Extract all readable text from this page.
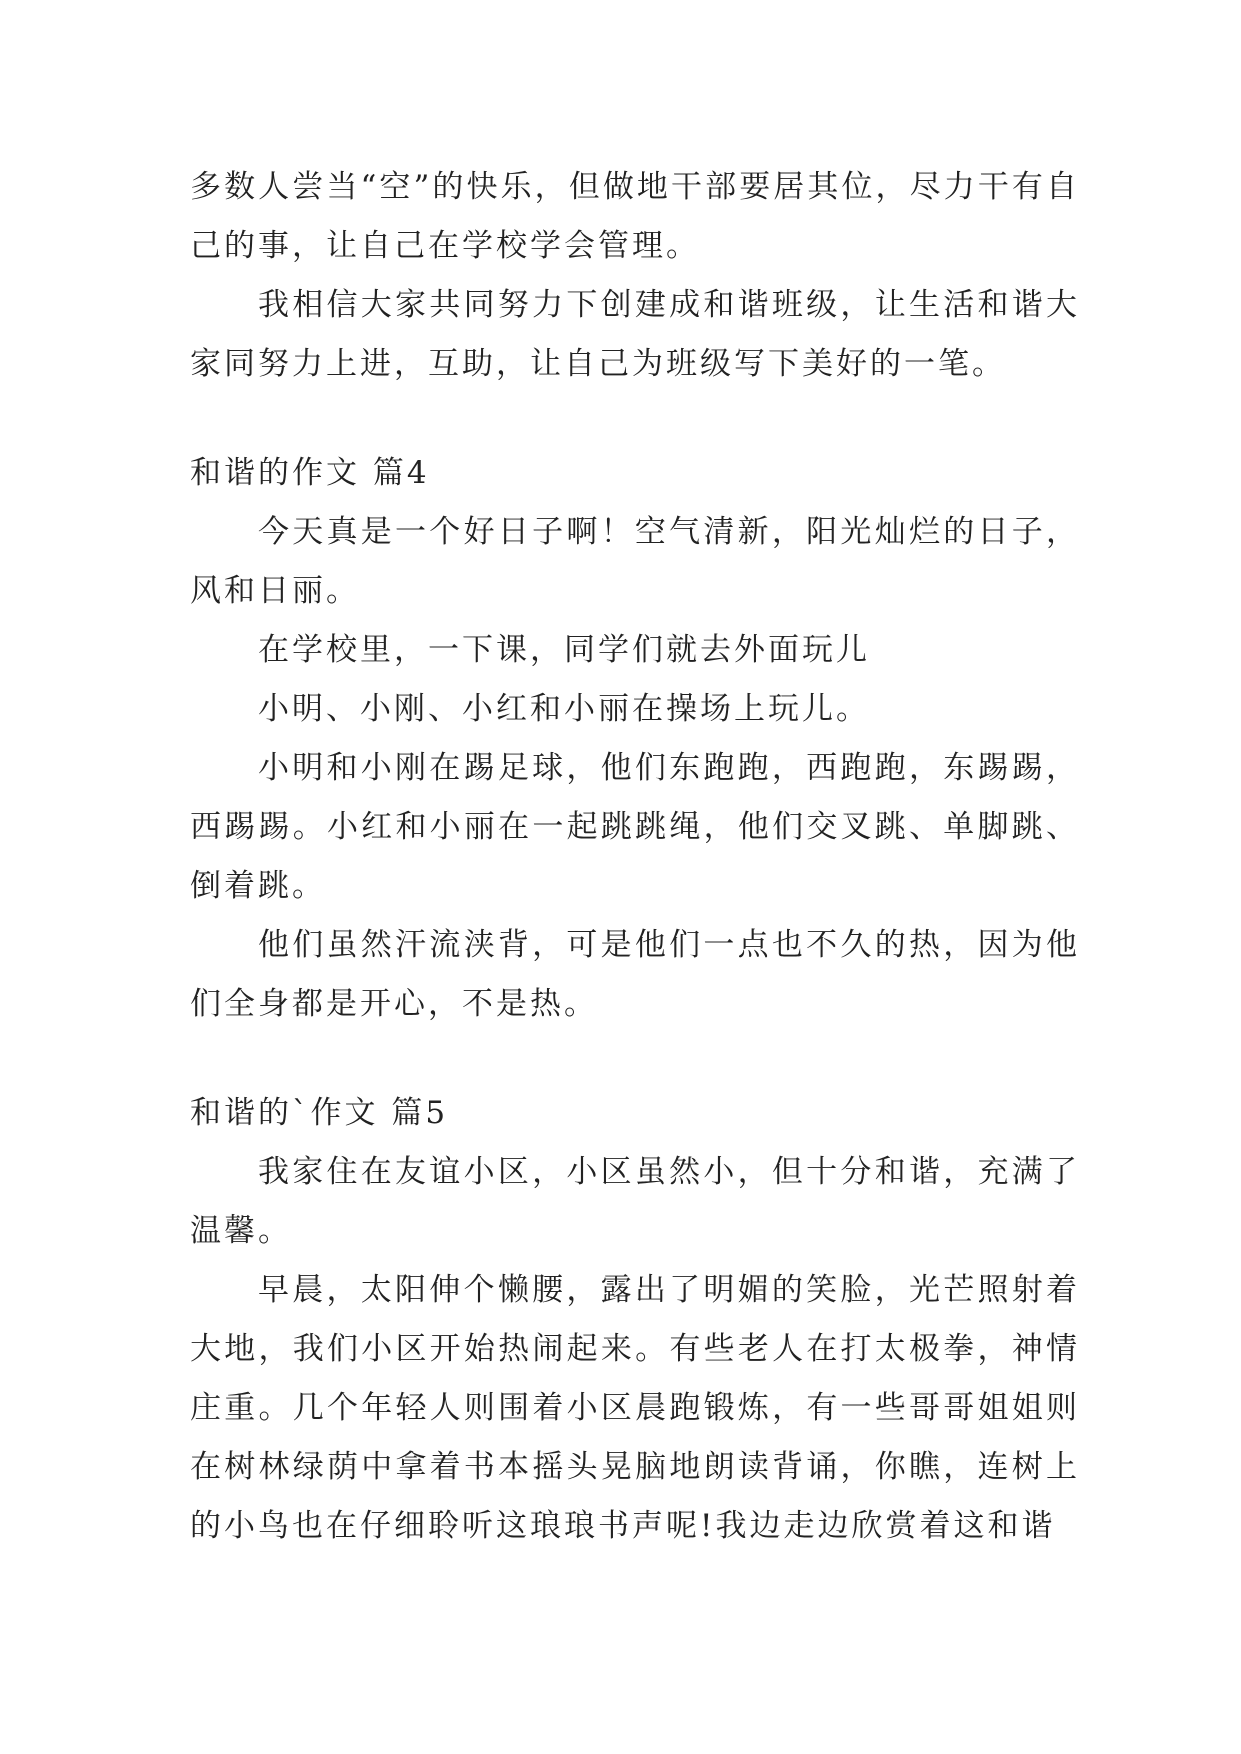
多数人尝当“空”的快乐，但做地干部要居其位，尽力干有自己的事，让自己在学校学会管理。

我相信大家共同努力下创建成和谐班级，让生活和谐大家同努力上进，互助，让自己为班级写下美好的一笔。

和谐的作文 篇4

今天真是一个好日子啊！空气清新，阳光灿烂的日子，风和日丽。

在学校里，一下课，同学们就去外面玩儿

小明、小刚、小红和小丽在操场上玩儿。

小明和小刚在踢足球，他们东跑跑，西跑跑，东踢踢，西踢踢。小红和小丽在一起跳跳绳，他们交叉跳、单脚跳、倒着跳。

他们虽然汗流浃背，可是他们一点也不久的热，因为他们全身都是开心，不是热。

和谐的`作文 篇5

我家住在友谊小区，小区虽然小，但十分和谐，充满了温馨。

早晨，太阳伸个懒腰，露出了明媚的笑脸，光芒照射着大地，我们小区开始热闹起来。有些老人在打太极拳，神情庄重。几个年轻人则围着小区晨跑锻炼，有一些哥哥姐姐则在树林绿荫中拿着书本摇头晃脑地朗读背诵，你瞧，连树上的小鸟也在仔细聆听这琅琅书声呢!我边走边欣赏着这和谐
